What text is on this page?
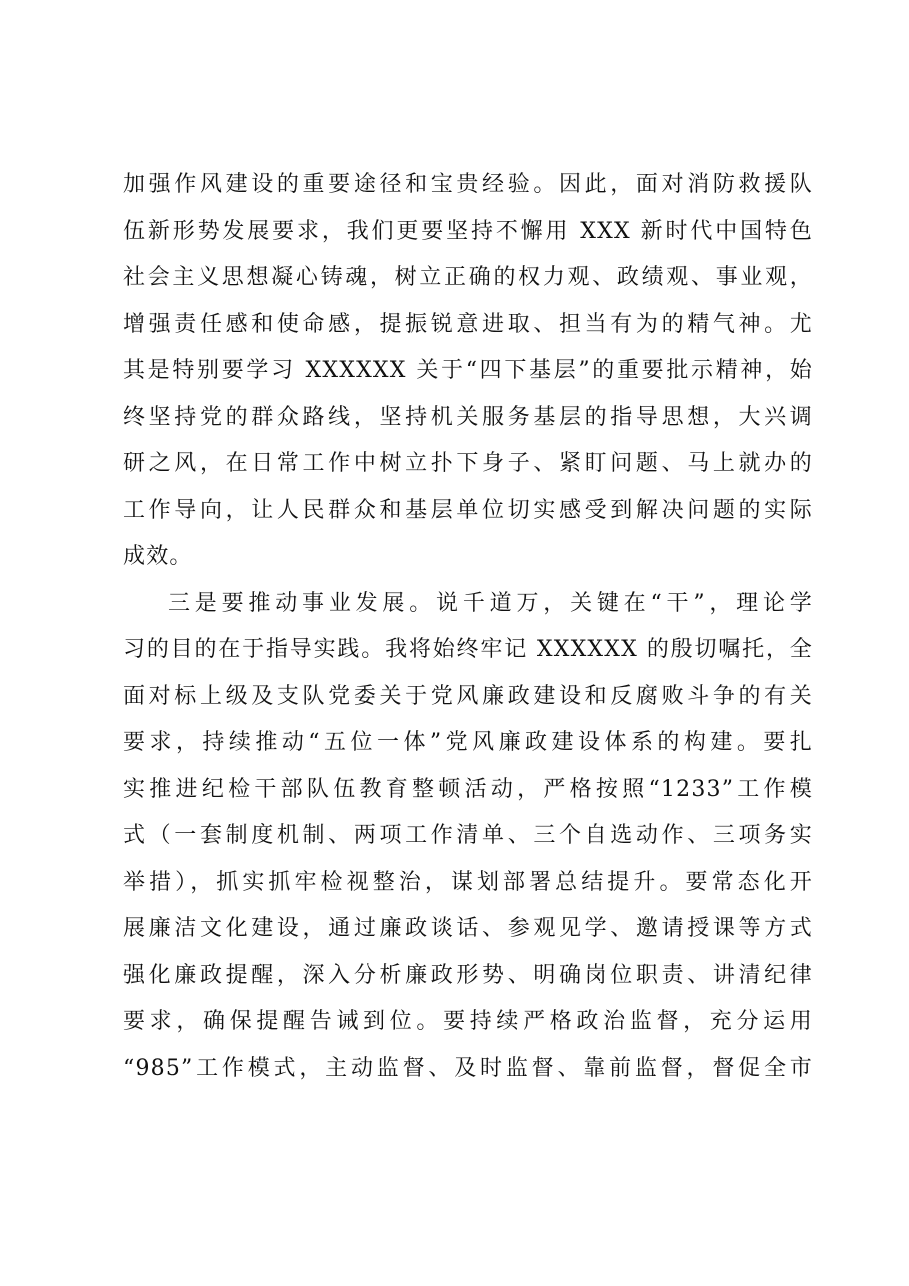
加强作风建设的重要途径和宝贵经验。因此，面对消防救援队
伍新形势发展要求，我们更要坚持不懈用 XXX 新时代中国特色
社会主义思想凝心铸魂，树立正确的权力观、政绩观、事业观，
增强责任感和使命感，提振锐意进取、担当有为的精气神。尤
其是特别要学习 XXXXXX 关于“四下基层”的重要批示精神，始
终坚持党的群众路线，坚持机关服务基层的指导思想，大兴调
研之风，在日常工作中树立扑下身子、紧盯问题、马上就办的
工作导向，让人民群众和基层单位切实感受到解决问题的实际
成效。
三是要推动事业发展。说千道万，关键在“干”，理论学
习的目的在于指导实践。我将始终牢记 XXXXXX 的殷切嘱托，全
面对标上级及支队党委关于党风廉政建设和反腐败斗争的有关
要求，持续推动“五位一体”党风廉政建设体系的构建。要扎
实推进纪检干部队伍教育整顿活动，严格按照“1233”工作模
式（一套制度机制、两项工作清单、三个自选动作、三项务实
举措），抓实抓牢检视整治，谋划部署总结提升。要常态化开
展廉洁文化建设，通过廉政谈话、参观见学、邀请授课等方式
强化廉政提醒，深入分析廉政形势、明确岗位职责、讲清纪律
要求，确保提醒告诫到位。要持续严格政治监督，充分运用
“985”工作模式，主动监督、及时监督、靠前监督，督促全市
